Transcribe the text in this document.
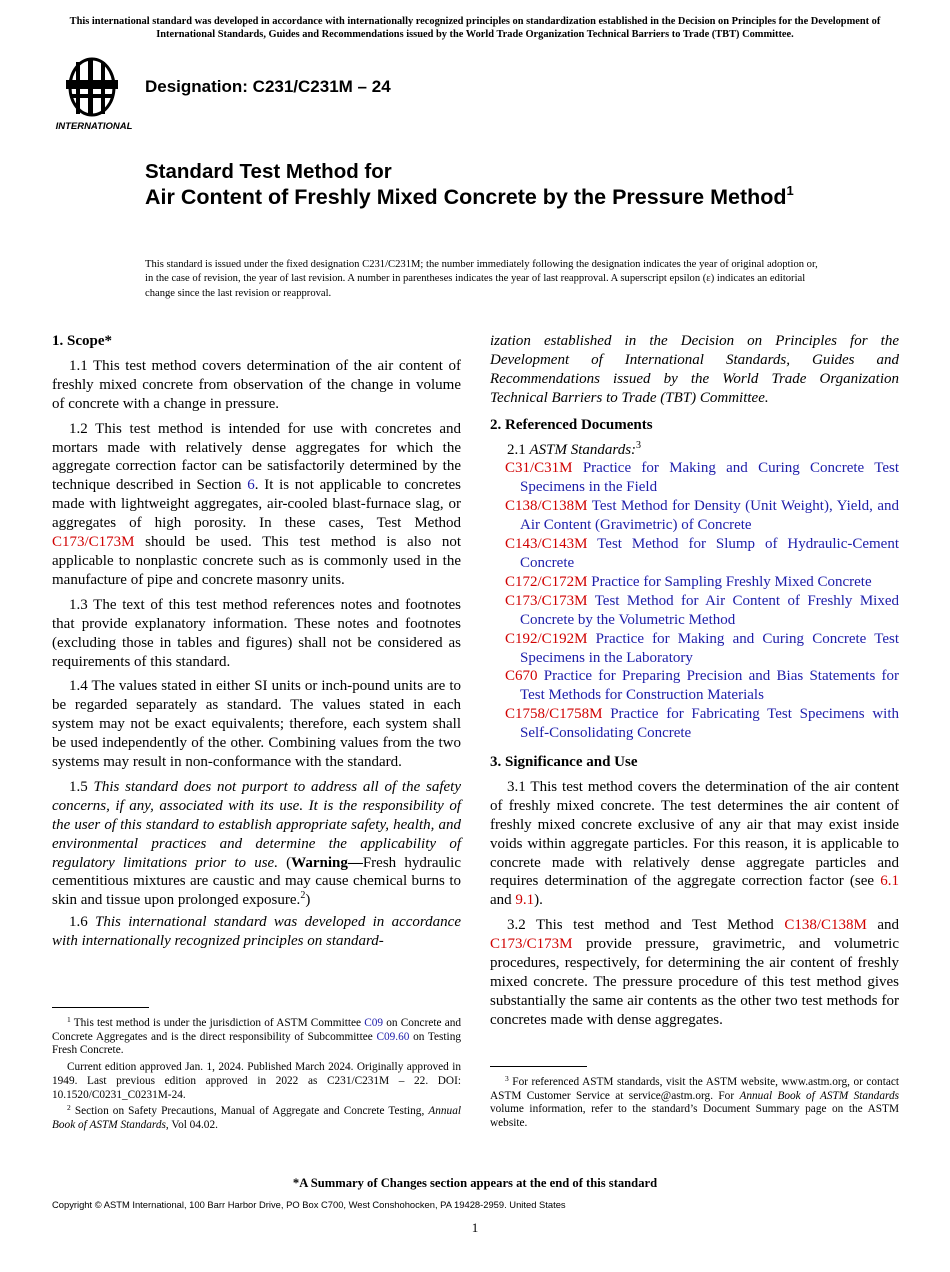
This international standard was developed in accordance with internationally recognized principles on standardization established in the Decision on Principles for the Development of International Standards, Guides and Recommendations issued by the World Trade Organization Technical Barriers to Trade (TBT) Committee.
INTERNATIONAL
Designation: C231/C231M – 24
Standard Test Method for
Air Content of Freshly Mixed Concrete by the Pressure Method$^1$
This standard is issued under the fixed designation C231/C231M; the number immediately following the designation indicates the year of original adoption or, in the case of revision, the year of last revision. A number in parentheses indicates the year of last reapproval. A superscript epsilon (ε) indicates an editorial change since the last revision or reapproval.
1. Scope*

1.1 This test method covers determination of the air content of freshly mixed concrete from observation of the change in volume of concrete with a change in pressure.

1.2 This test method is intended for use with concretes and mortars made with relatively dense aggregates for which the aggregate correction factor can be satisfactorily determined by the technique described in Section 6. It is not applicable to concretes made with lightweight aggregates, air-cooled blast-furnace slag, or aggregates of high porosity. In these cases, Test Method C173/C173M should be used. This test method is also not applicable to nonplastic concrete such as is commonly used in the manufacture of pipe and concrete masonry units.

1.3 The text of this test method references notes and footnotes that provide explanatory information. These notes and footnotes (excluding those in tables and figures) shall not be considered as requirements of this standard.

1.4 The values stated in either SI units or inch-pound units are to be regarded separately as standard. The values stated in each system may not be exact equivalents; therefore, each system shall be used independently of the other. Combining values from the two systems may result in non-conformance with the standard.

1.5 This standard does not purport to address all of the safety concerns, if any, associated with its use. It is the responsibility of the user of this standard to establish appropriate safety, health, and environmental practices and determine the applicability of regulatory limitations prior to use. (Warning—Fresh hydraulic cementitious mixtures are caustic and may cause chemical burns to skin and tissue upon prolonged exposure.$^2$)

1.6 This international standard was developed in accordance with internationally recognized principles on standard-

$^1$ This test method is under the jurisdiction of ASTM Committee C09 on Concrete and Concrete Aggregates and is the direct responsibility of Subcommittee C09.60 on Testing Fresh Concrete.

Current edition approved Jan. 1, 2024. Published March 2024. Originally approved in 1949. Last previous edition approved in 2022 as C231/C231M – 22. DOI: 10.1520/C0231_C0231M-24.

$^2$ Section on Safety Precautions, Manual of Aggregate and Concrete Testing, Annual Book of ASTM Standards, Vol 04.02.

ization established in the Decision on Principles for the Development of International Standards, Guides and Recommendations issued by the World Trade Organization Technical Barriers to Trade (TBT) Committee.

2. Referenced Documents

2.1 ASTM Standards:$^3$

C31/C31M Practice for Making and Curing Concrete Test Specimens in the Field

C138/C138M Test Method for Density (Unit Weight), Yield, and Air Content (Gravimetric) of Concrete

C143/C143M Test Method for Slump of Hydraulic-Cement Concrete

C172/C172M Practice for Sampling Freshly Mixed Concrete

C173/C173M Test Method for Air Content of Freshly Mixed Concrete by the Volumetric Method

C192/C192M Practice for Making and Curing Concrete Test Specimens in the Laboratory

C670 Practice for Preparing Precision and Bias Statements for Test Methods for Construction Materials

C1758/C1758M Practice for Fabricating Test Specimens with Self-Consolidating Concrete

3. Significance and Use

3.1 This test method covers the determination of the air content of freshly mixed concrete. The test determines the air content of freshly mixed concrete exclusive of any air that may exist inside voids within aggregate particles. For this reason, it is applicable to concrete made with relatively dense aggregate particles and requires determination of the aggregate correction factor (see 6.1 and 9.1).

3.2 This test method and Test Method C138/C138M and C173/C173M provide pressure, gravimetric, and volumetric procedures, respectively, for determining the air content of freshly mixed concrete. The pressure procedure of this test method gives substantially the same air contents as the other two test methods for concretes made with dense aggregates.

$^3$ For referenced ASTM standards, visit the ASTM website, www.astm.org, or contact ASTM Customer Service at service@astm.org. For Annual Book of ASTM Standards volume information, refer to the standard’s Document Summary page on the ASTM website.

*A Summary of Changes section appears at the end of this standard
Copyright © ASTM International, 100 Barr Harbor Drive, PO Box C700, West Conshohocken, PA 19428-2959. United States
1
